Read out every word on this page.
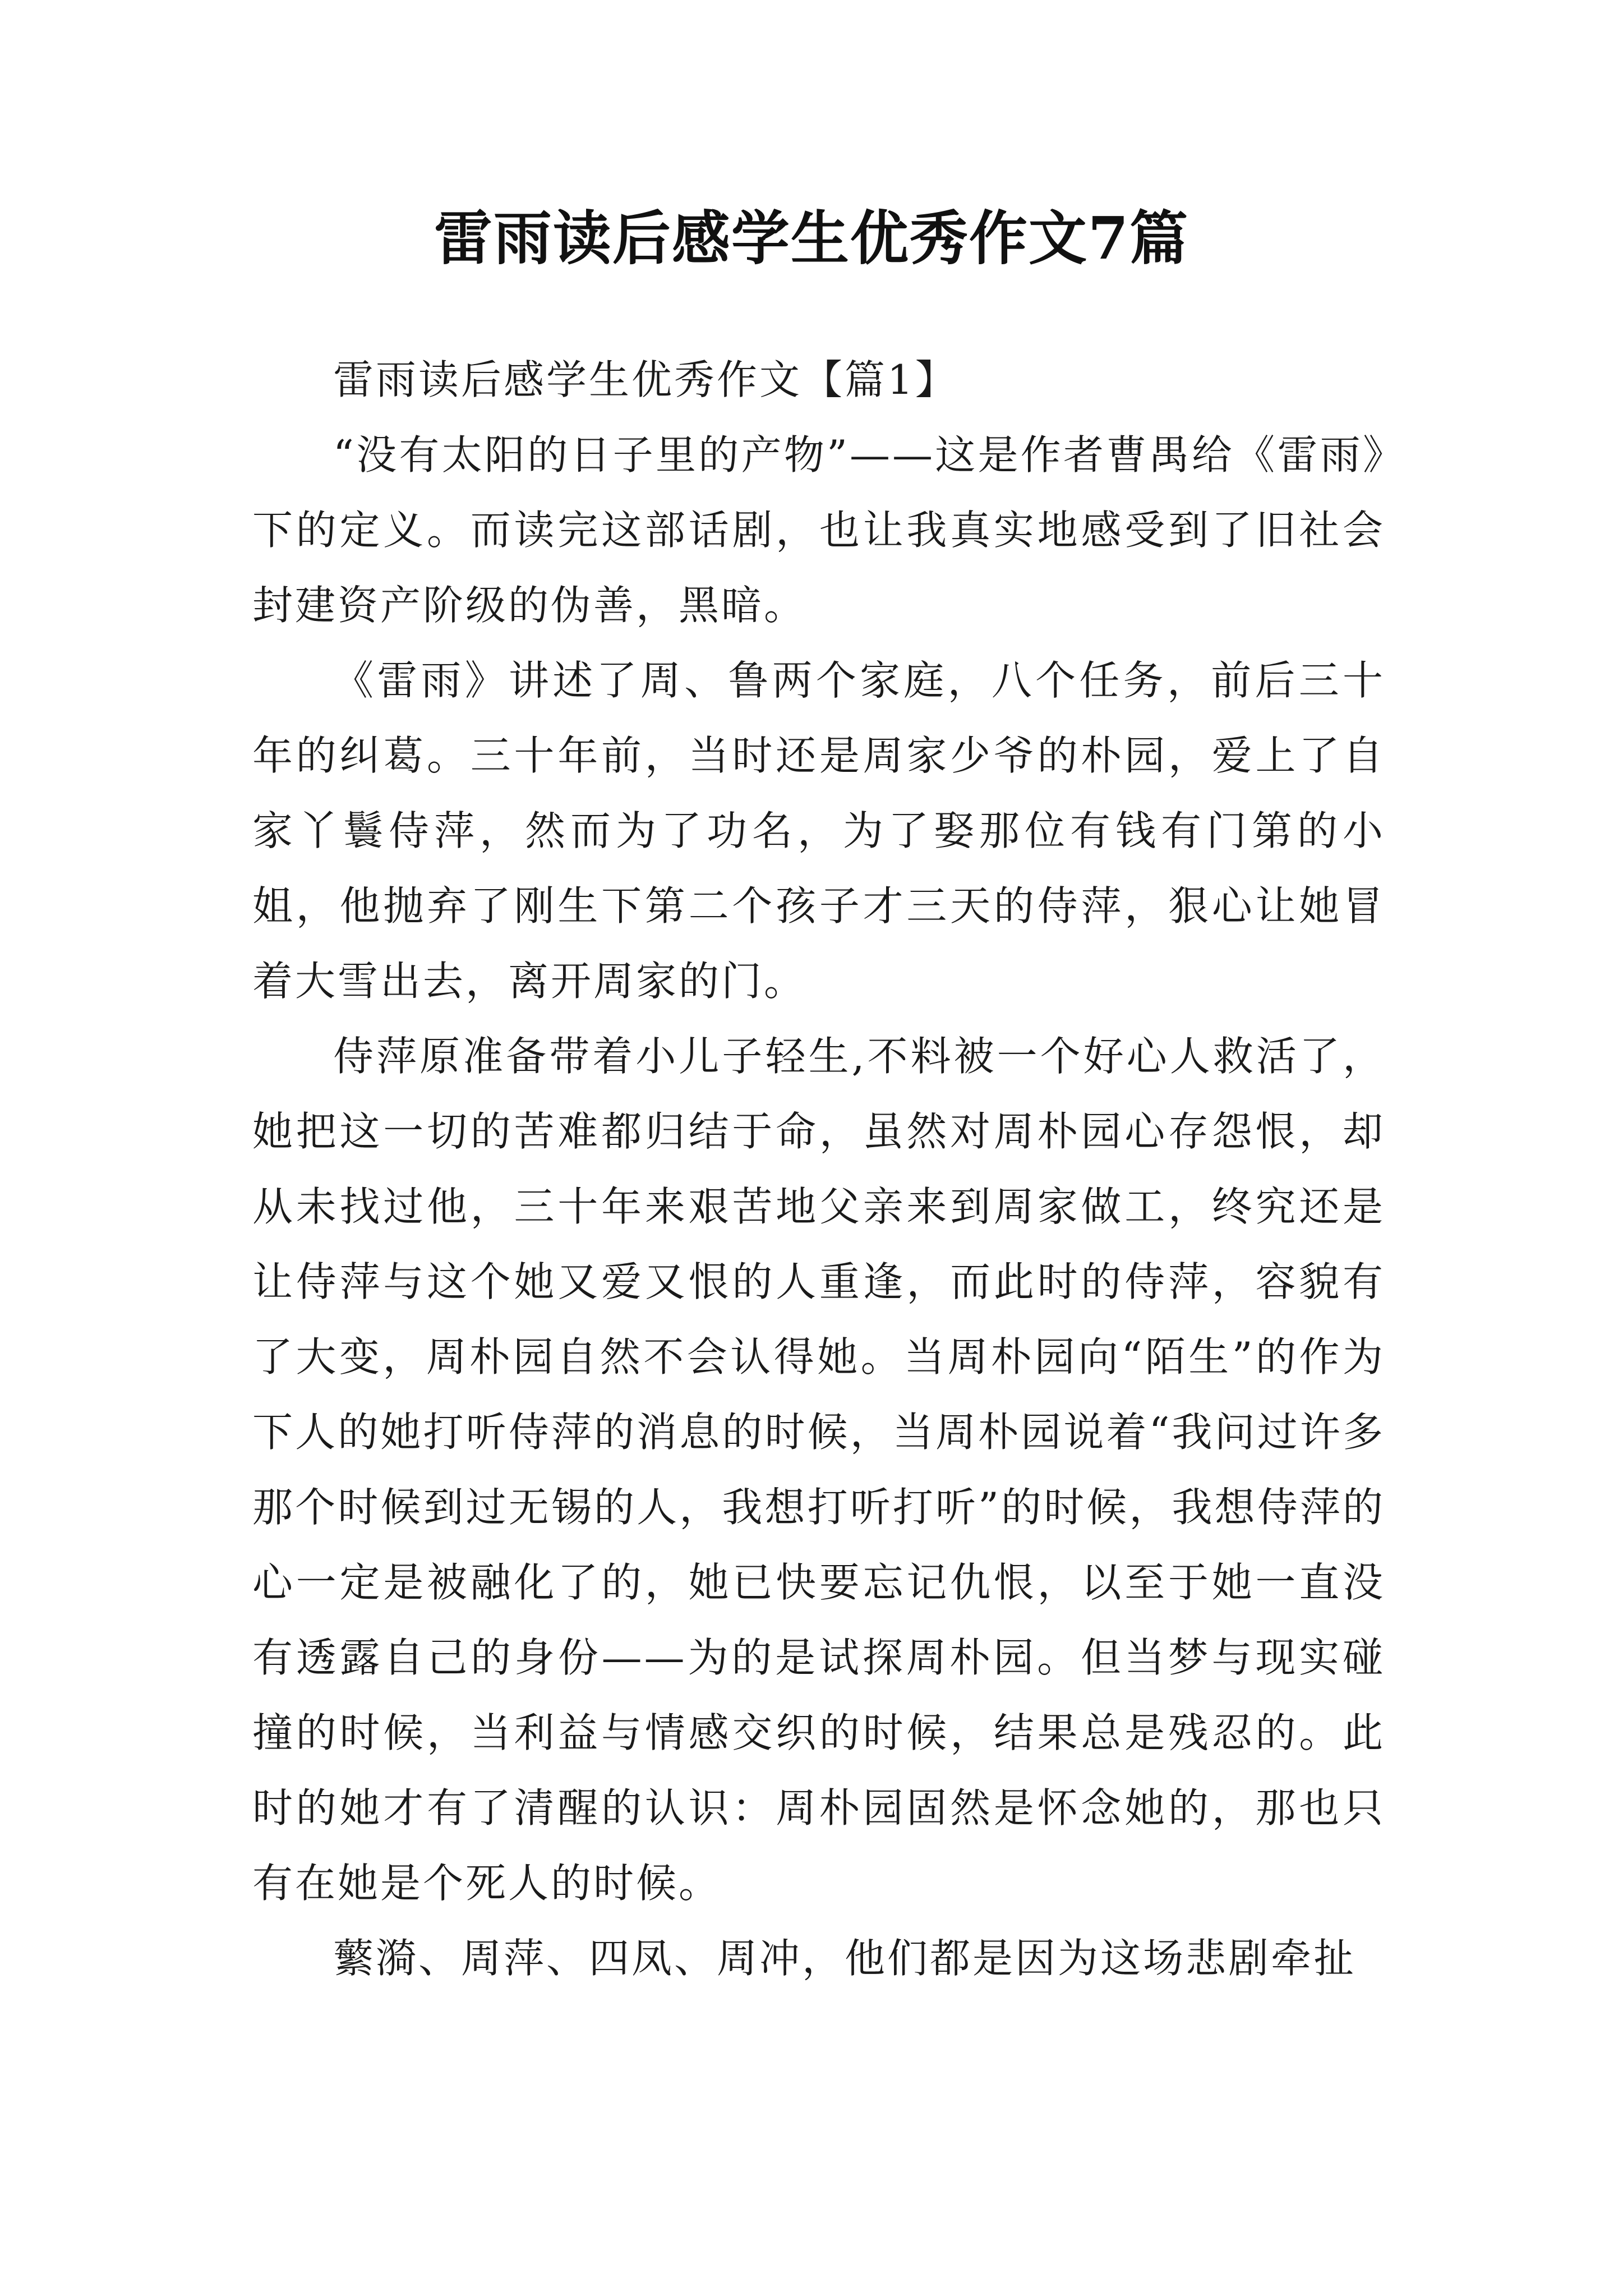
雷雨读后感学生优秀作文7篇

雷雨读后感学生优秀作文【篇1】

“没有太阳的日子里的产物”——这是作者曹禺给《雷雨》下的定义。而读完这部话剧，也让我真实地感受到了旧社会封建资产阶级的伪善，黑暗。

《雷雨》讲述了周、鲁两个家庭，八个任务，前后三十年的纠葛。三十年前，当时还是周家少爷的朴园，爱上了自家丫鬟侍萍，然而为了功名，为了娶那位有钱有门第的小姐，他抛弃了刚生下第二个孩子才三天的侍萍，狠心让她冒着大雪出去，离开周家的门。

侍萍原准备带着小儿子轻生,不料被一个好心人救活了，她把这一切的苦难都归结于命，虽然对周朴园心存怨恨，却从未找过他，三十年来艰苦地父亲来到周家做工，终究还是让侍萍与这个她又爱又恨的人重逢，而此时的侍萍，容貌有了大变，周朴园自然不会认得她。当周朴园向“陌生”的作为下人的她打听侍萍的消息的时候，当周朴园说着“我问过许多那个时候到过无锡的人，我想打听打听”的时候，我想侍萍的心一定是被融化了的，她已快要忘记仇恨，以至于她一直没有透露自己的身份——为的是试探周朴园。但当梦与现实碰撞的时候，当利益与情感交织的时候，结果总是残忍的。此时的她才有了清醒的认识：周朴园固然是怀念她的，那也只有在她是个死人的时候。

蘩漪、周萍、四凤、周冲，他们都是因为这场悲剧牵扯
